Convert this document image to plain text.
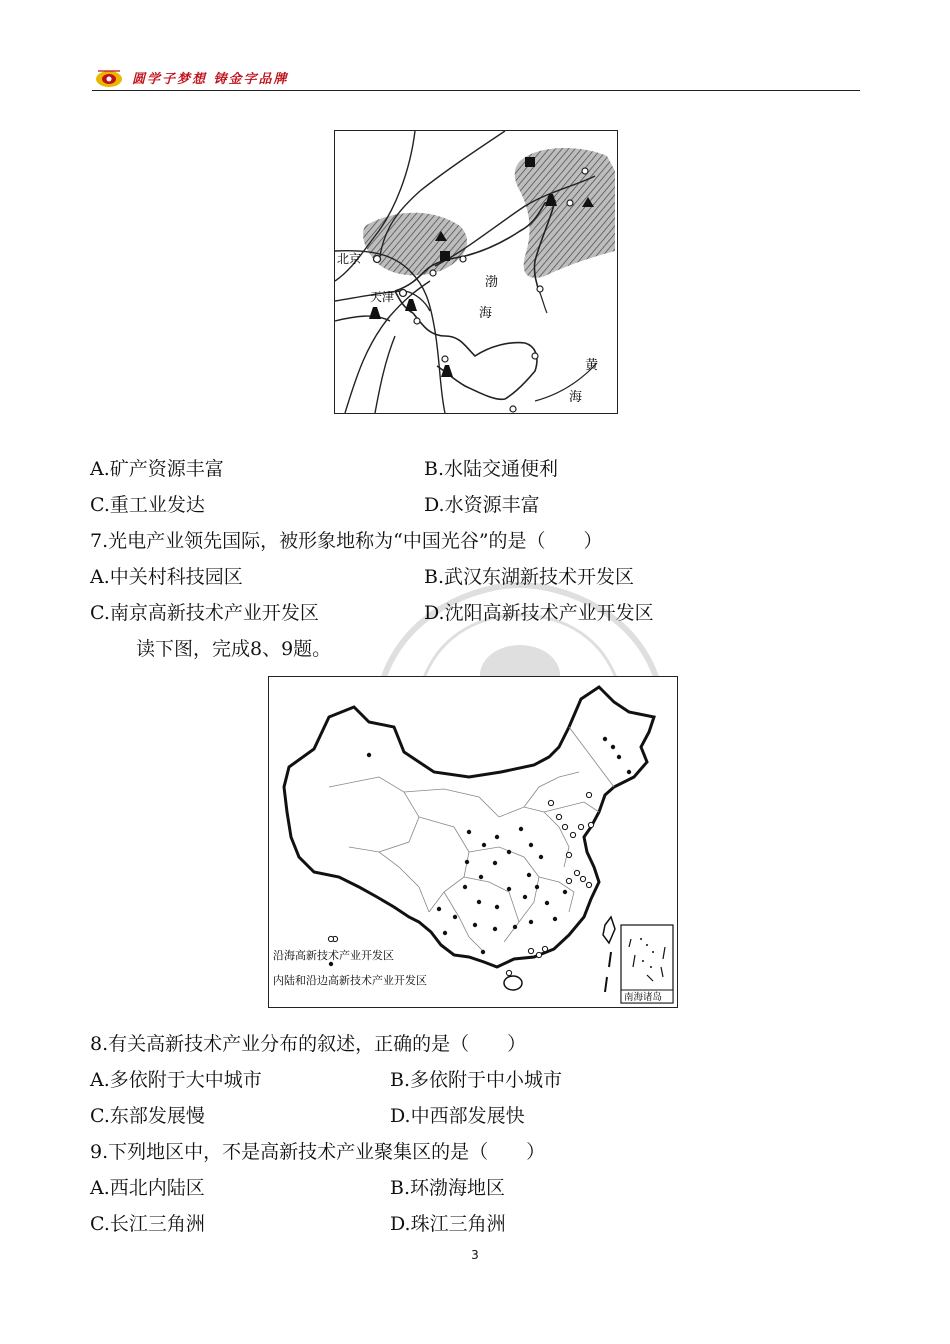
圆学子梦想 铸金字品牌
北京
天津
渤
海
黄
海
A.矿产资源丰富	B.水陆交通便利
C.重工业发达	D.水资源丰富
7.光电产业领先国际，被形象地称为“中国光谷”的是（　　）
A.中关村科技园区	B.武汉东湖新技术开发区
C.南京高新技术产业开发区	D.沈阳高新技术产业开发区
读下图，完成8、9题。
沿海高新技术产业开发区
内陆和沿边高新技术产业开发区
南海诸岛
8.有关高新技术产业分布的叙述，正确的是（　　）
A.多依附于大中城市	B.多依附于中小城市
C.东部发展慢	D.中西部发展快
9.下列地区中，不是高新技术产业聚集区的是（　　）
A.西北内陆区	B.环渤海地区
C.长江三角洲	D.珠江三角洲
3
